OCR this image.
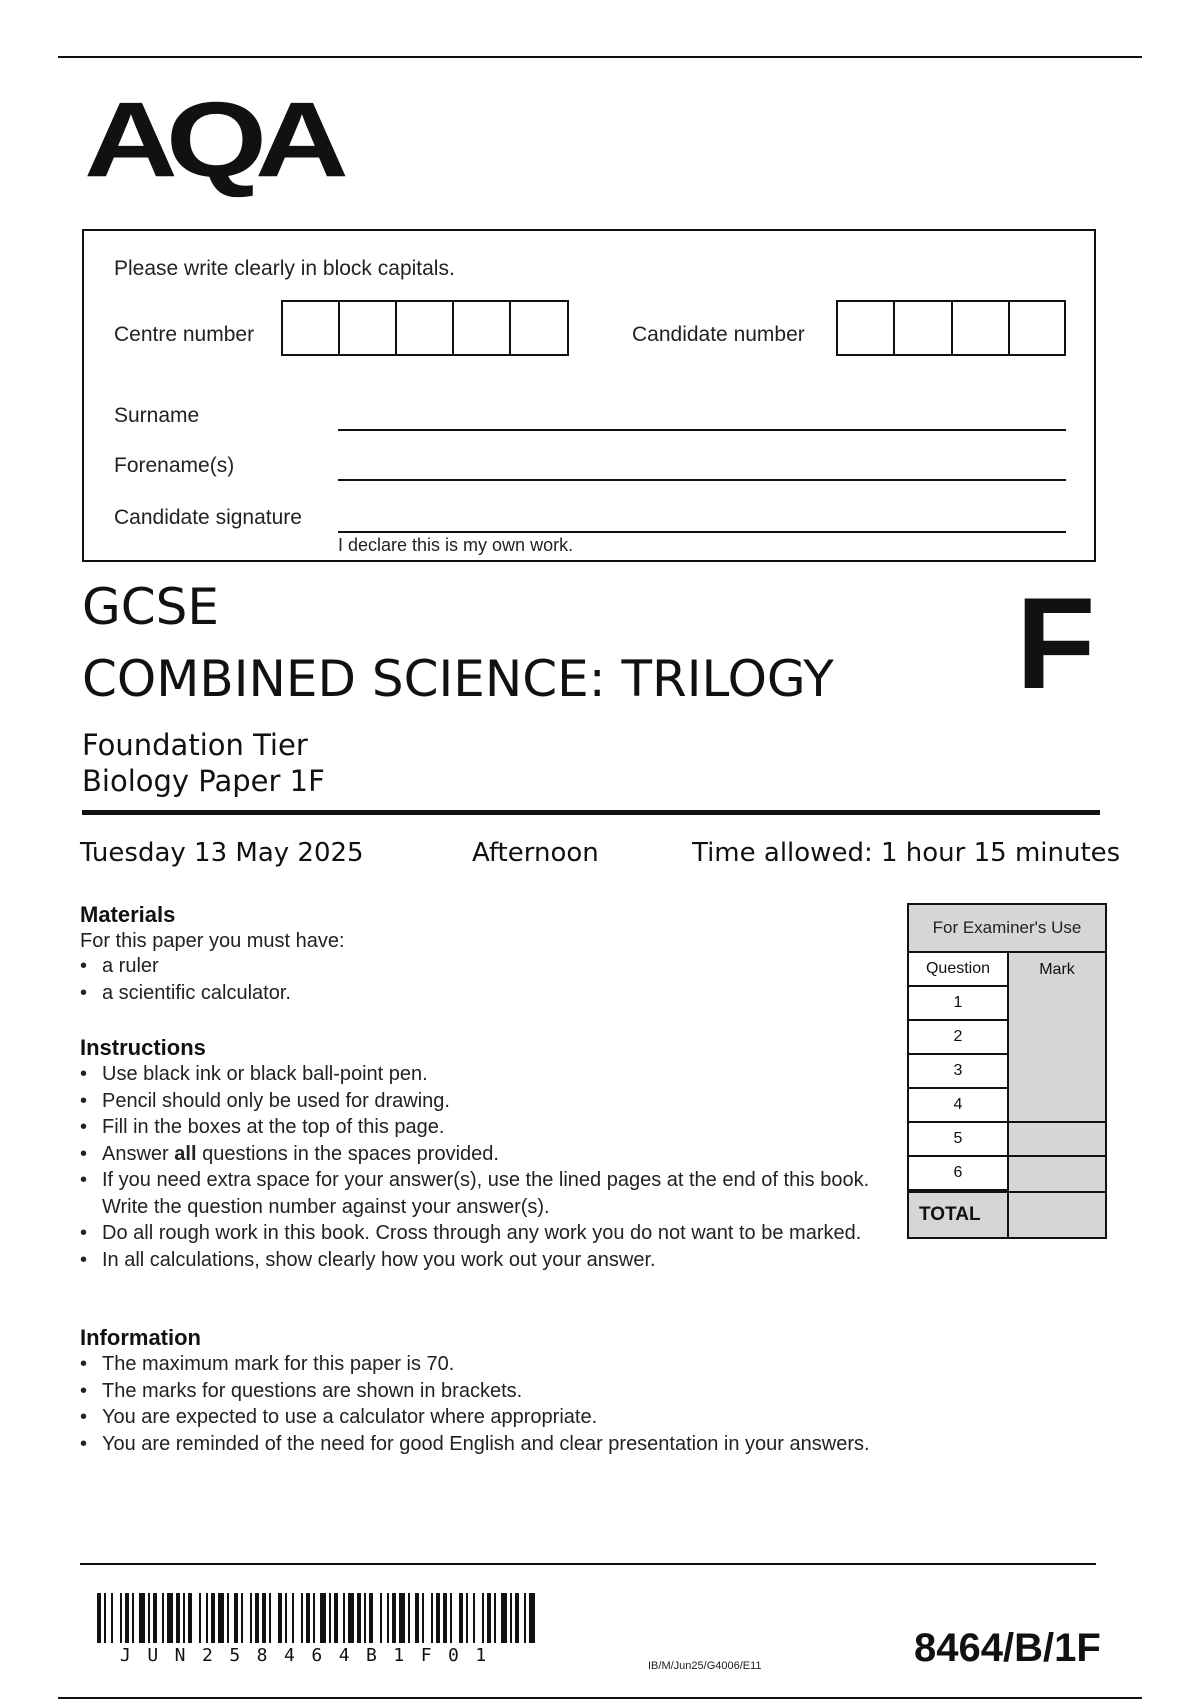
AQA
Please write clearly in block capitals.
Centre number	Candidate number
Surname
Forename(s)
Candidate signature
I declare this is my own work.
GCSE
COMBINED SCIENCE: TRILOGY F
Foundation Tier
Biology Paper 1F
Tuesday 13 May 2025	Afternoon	Time allowed: 1 hour 15 minutes
Materials
For this paper you must have:
• a ruler
• a scientific calculator.
Instructions
• Use black ink or black ball-point pen.
• Pencil should only be used for drawing.
• Fill in the boxes at the top of this page.
• Answer all questions in the spaces provided.
• If you need extra space for your answer(s), use the lined pages at the end of this book. Write the question number against your answer(s).
• Do all rough work in this book. Cross through any work you do not want to be marked.
• In all calculations, show clearly how you work out your answer.
Information
• The maximum mark for this paper is 70.
• The marks for questions are shown in brackets.
• You are expected to use a calculator where appropriate.
• You are reminded of the need for good English and clear presentation in your answers.
For Examiner's Use
Question	Mark
1
2
3
4
5
6
TOTAL
JUN258464B1F01	IB/M/Jun25/G4006/E11	8464/B/1F
